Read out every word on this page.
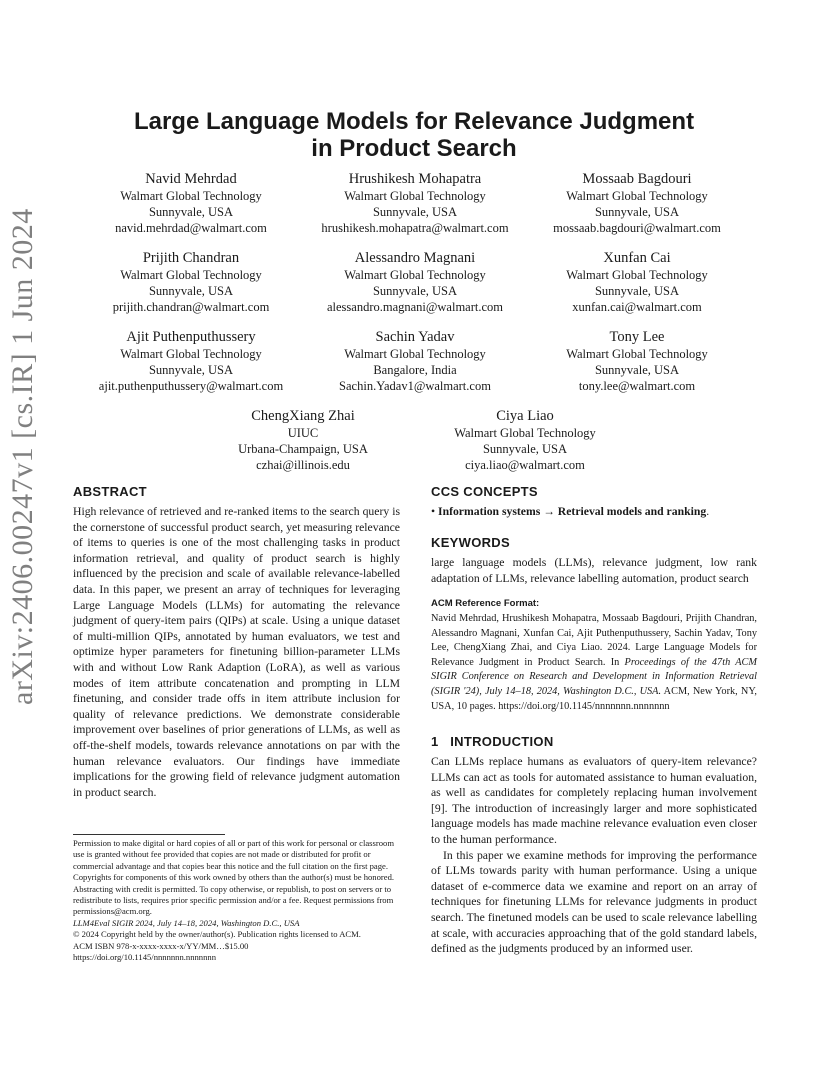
arXiv:2406.00247v1 [cs.IR] 1 Jun 2024
Large Language Models for Relevance Judgment
in Product Search
Navid Mehrdad
Walmart Global Technology
Sunnyvale, USA
navid.mehrdad@walmart.com
Hrushikesh Mohapatra
Walmart Global Technology
Sunnyvale, USA
hrushikesh.mohapatra@walmart.com
Mossaab Bagdouri
Walmart Global Technology
Sunnyvale, USA
mossaab.bagdouri@walmart.com
Prijith Chandran
Walmart Global Technology
Sunnyvale, USA
prijith.chandran@walmart.com
Alessandro Magnani
Walmart Global Technology
Sunnyvale, USA
alessandro.magnani@walmart.com
Xunfan Cai
Walmart Global Technology
Sunnyvale, USA
xunfan.cai@walmart.com
Ajit Puthenputhussery
Walmart Global Technology
Sunnyvale, USA
ajit.puthenputhussery@walmart.com
Sachin Yadav
Walmart Global Technology
Bangalore, India
Sachin.Yadav1@walmart.com
Tony Lee
Walmart Global Technology
Sunnyvale, USA
tony.lee@walmart.com
ChengXiang Zhai
UIUC
Urbana-Champaign, USA
czhai@illinois.edu
Ciya Liao
Walmart Global Technology
Sunnyvale, USA
ciya.liao@walmart.com
ABSTRACT
High relevance of retrieved and re-ranked items to the search query is the cornerstone of successful product search, yet measuring relevance of items to queries is one of the most challenging tasks in product information retrieval, and quality of product search is highly influenced by the precision and scale of available relevance-labelled data. In this paper, we present an array of techniques for leveraging Large Language Models (LLMs) for automating the relevance judgment of query-item pairs (QIPs) at scale. Using a unique dataset of multi-million QIPs, annotated by human evaluators, we test and optimize hyper parameters for finetuning billion-parameter LLMs with and without Low Rank Adaption (LoRA), as well as various modes of item attribute concatenation and prompting in LLM finetuning, and consider trade offs in item attribute inclusion for quality of relevance predictions. We demonstrate considerable improvement over baselines of prior generations of LLMs, as well as off-the-shelf models, towards relevance annotations on par with the human relevance evaluators. Our findings have immediate implications for the growing field of relevance judgment automation in product search.

Permission to make digital or hard copies of all or part of this work for personal or classroom use is granted without fee provided that copies are not made or distributed for profit or commercial advantage and that copies bear this notice and the full citation on the first page. Copyrights for components of this work owned by others than the author(s) must be honored. Abstracting with credit is permitted. To copy otherwise, or republish, to post on servers or to redistribute to lists, requires prior specific permission and/or a fee. Request permissions from permissions@acm.org.

LLM4Eval SIGIR 2024, July 14–18, 2024, Washington D.C., USA

© 2024 Copyright held by the owner/author(s). Publication rights licensed to ACM.

ACM ISBN 978-x-xxxx-xxxx-x/YY/MM…$15.00

https://doi.org/10.1145/nnnnnnn.nnnnnnn

CCS CONCEPTS
• Information systems → Retrieval models and ranking.
KEYWORDS
large language models (LLMs), relevance judgment, low rank adaptation of LLMs, relevance labelling automation, product search
ACM Reference Format:
Navid Mehrdad, Hrushikesh Mohapatra, Mossaab Bagdouri, Prijith Chandran, Alessandro Magnani, Xunfan Cai, Ajit Puthenputhussery, Sachin Yadav, Tony Lee, ChengXiang Zhai, and Ciya Liao. 2024. Large Language Models for Relevance Judgment in Product Search. In Proceedings of the 47th ACM SIGIR Conference on Research and Development in Information Retrieval (SIGIR '24), July 14–18, 2024, Washington D.C., USA. ACM, New York, NY, USA, 10 pages. https://doi.org/10.1145/nnnnnnn.nnnnnnn
1   INTRODUCTION
Can LLMs replace humans as evaluators of query-item relevance? LLMs can act as tools for automated assistance to human evaluation, as well as candidates for completely replacing human involvement [9]. The introduction of increasingly larger and more sophisticated language models has made machine relevance evaluation even closer to the human performance.
In this paper we examine methods for improving the performance of LLMs towards parity with human performance. Using a unique dataset of e-commerce data we examine and report on an array of techniques for finetuning LLMs for relevance judgments in product search. The finetuned models can be used to scale relevance labelling at scale, with accuracies approaching that of the gold standard labels, defined as the judgments produced by an informed user.
